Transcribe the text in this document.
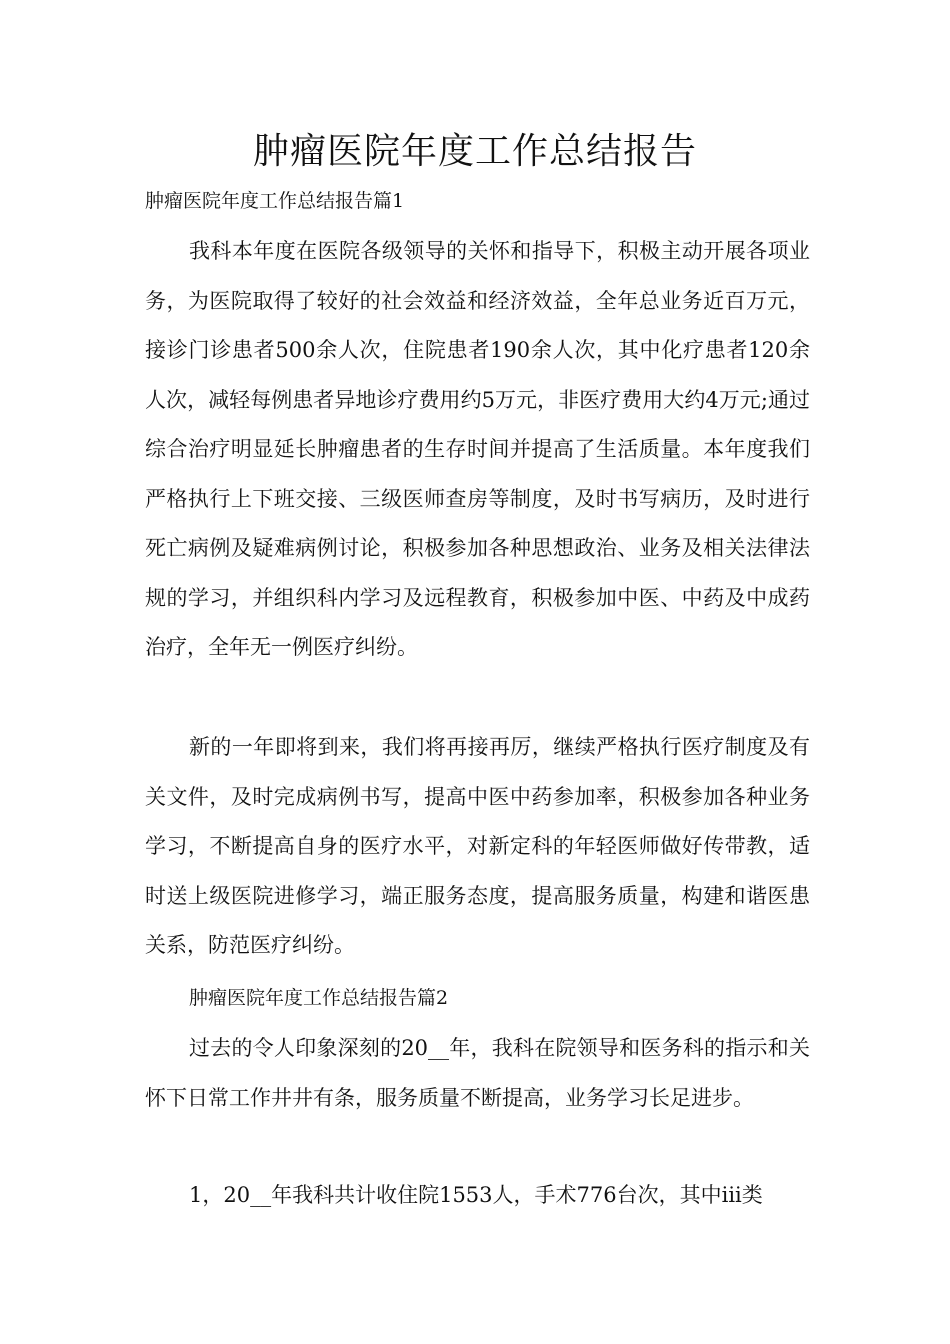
肿瘤医院年度工作总结报告

肿瘤医院年度工作总结报告篇1

我科本年度在医院各级领导的关怀和指导下，积极主动开展各项业务，为医院取得了较好的社会效益和经济效益，全年总业务近百万元，接诊门诊患者500余人次，住院患者190余人次，其中化疗患者120余人次，减轻每例患者异地诊疗费用约5万元，非医疗费用大约4万元;通过综合治疗明显延长肿瘤患者的生存时间并提高了生活质量。本年度我们严格执行上下班交接、三级医师查房等制度，及时书写病历，及时进行死亡病例及疑难病例讨论，积极参加各种思想政治、业务及相关法律法规的学习，并组织科内学习及远程教育，积极参加中医、中药及中成药治疗，全年无一例医疗纠纷。

新的一年即将到来，我们将再接再厉，继续严格执行医疗制度及有关文件，及时完成病例书写，提高中医中药参加率，积极参加各种业务学习，不断提高自身的医疗水平，对新定科的年轻医师做好传带教，适时送上级医院进修学习，端正服务态度，提高服务质量，构建和谐医患关系，防范医疗纠纷。

肿瘤医院年度工作总结报告篇2

过去的令人印象深刻的20__年，我科在院领导和医务科的指示和关怀下日常工作井井有条，服务质量不断提高，业务学习长足进步。

1，20__年我科共计收住院1553人，手术776台次，其中iii类
